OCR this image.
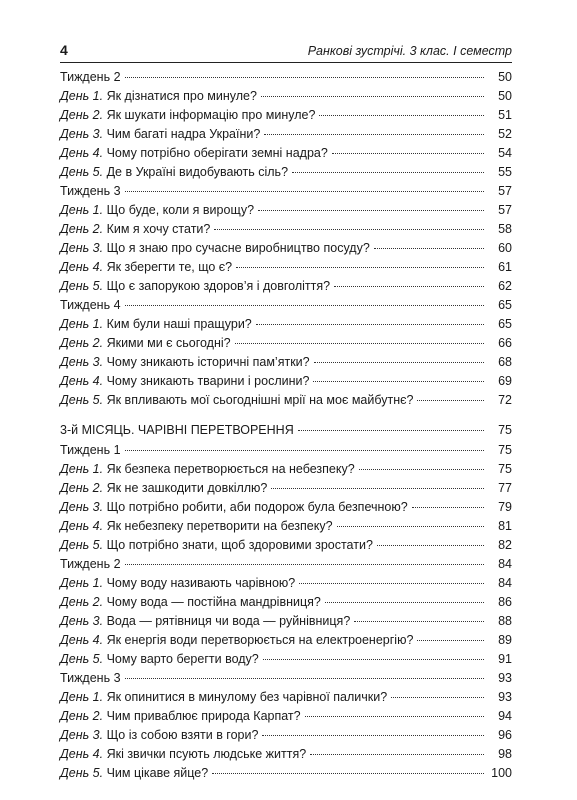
4	Ранкові зустрічі. 3 клас. І семестр
Тиждень 2	50
День 1. Як дізнатися про минуле?	50
День 2. Як шукати інформацію про минуле?	51
День 3. Чим багаті надра України?	52
День 4. Чому потрібно оберігати земні надра?	54
День 5. Де в Україні видобувають сіль?	55
Тиждень 3	57
День 1. Що буде, коли я вирощу?	57
День 2. Ким я хочу стати?	58
День 3. Що я знаю про сучасне виробництво посуду?	60
День 4. Як зберегти те, що є?	61
День 5. Що є запорукою здоров’я і довголіття?	62
Тиждень 4	65
День 1. Ким були наші пращури?	65
День 2. Якими ми є сьогодні?	66
День 3. Чому зникають історичні пам’ятки?	68
День 4. Чому зникають тварини і рослини?	69
День 5. Як впливають мої сьогоднішні мрії на моє майбутнє?	72
3-й МІСЯЦЬ. ЧАРІВНІ ПЕРЕТВОРЕННЯ	75
Тиждень 1	75
День 1. Як безпека перетворюється на небезпеку?	75
День 2. Як не зашкодити довкіллю?	77
День 3. Що потрібно робити, аби подорож була безпечною?	79
День 4. Як небезпеку перетворити на безпеку?	81
День 5. Що потрібно знати, щоб здоровими зростати?	82
Тиждень 2	84
День 1. Чому воду називають чарівною?	84
День 2. Чому вода — постійна мандрівниця?	86
День 3. Вода — рятівниця чи вода — руйнівниця?	88
День 4. Як енергія води перетворюється на електроенергію?	89
День 5. Чому варто берегти воду?	91
Тиждень 3	93
День 1. Як опинитися в минулому без чарівної палички?	93
День 2. Чим приваблює природа Карпат?	94
День 3. Що із собою взяти в гори?	96
День 4. Які звички псують людське життя?	98
День 5. Чим цікаве яйце?	100
